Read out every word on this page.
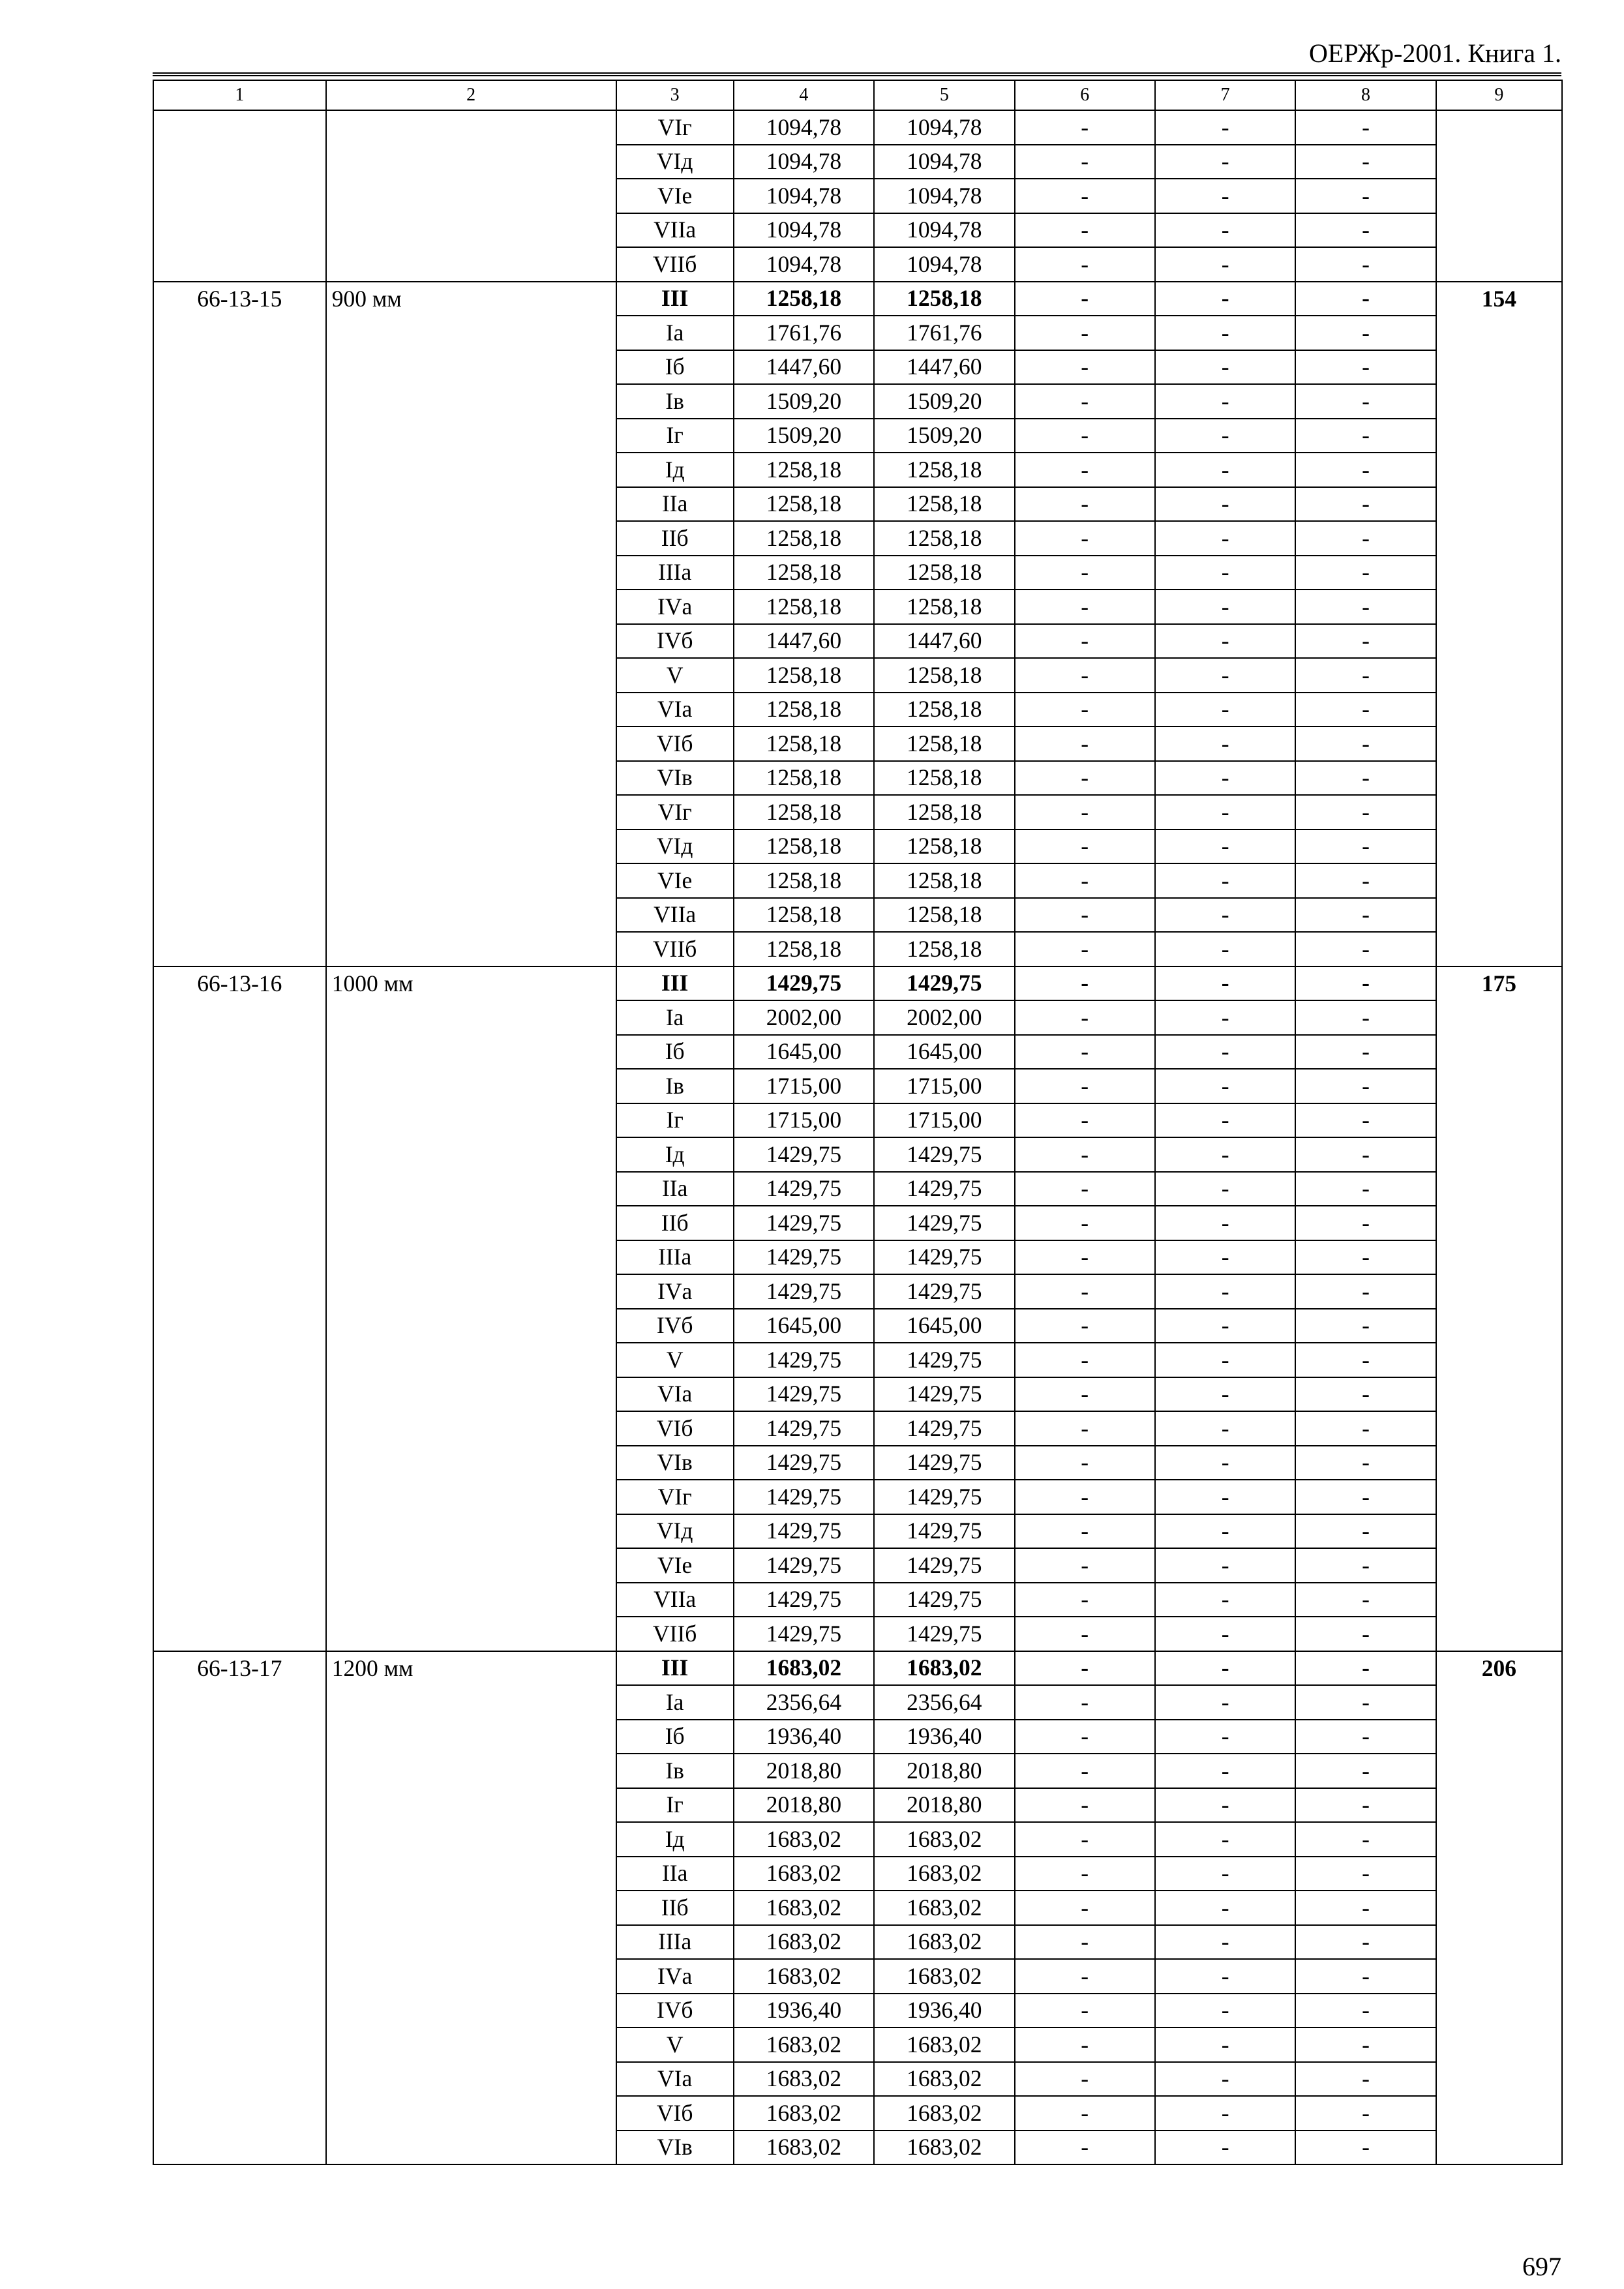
ОЕРЖр-2001. Книга 1.
1	2	3	4	5	6	7	8	9
		VIг	1094,78	1094,78	-	-	-	
		VIд	1094,78	1094,78	-	-	-	
		VIе	1094,78	1094,78	-	-	-	
		VIIа	1094,78	1094,78	-	-	-	
		VIIб	1094,78	1094,78	-	-	-	
66-13-15	900 мм	III	1258,18	1258,18	-	-	-	154
		Iа	1761,76	1761,76	-	-	-	
		Iб	1447,60	1447,60	-	-	-	
		Iв	1509,20	1509,20	-	-	-	
		Iг	1509,20	1509,20	-	-	-	
		Iд	1258,18	1258,18	-	-	-	
		IIа	1258,18	1258,18	-	-	-	
		IIб	1258,18	1258,18	-	-	-	
		IIIа	1258,18	1258,18	-	-	-	
		IVа	1258,18	1258,18	-	-	-	
		IVб	1447,60	1447,60	-	-	-	
		V	1258,18	1258,18	-	-	-	
		VIа	1258,18	1258,18	-	-	-	
		VIб	1258,18	1258,18	-	-	-	
		VIв	1258,18	1258,18	-	-	-	
		VIг	1258,18	1258,18	-	-	-	
		VIд	1258,18	1258,18	-	-	-	
		VIе	1258,18	1258,18	-	-	-	
		VIIа	1258,18	1258,18	-	-	-	
		VIIб	1258,18	1258,18	-	-	-	
66-13-16	1000 мм	III	1429,75	1429,75	-	-	-	175
		Iа	2002,00	2002,00	-	-	-	
		Iб	1645,00	1645,00	-	-	-	
		Iв	1715,00	1715,00	-	-	-	
		Iг	1715,00	1715,00	-	-	-	
		Iд	1429,75	1429,75	-	-	-	
		IIа	1429,75	1429,75	-	-	-	
		IIб	1429,75	1429,75	-	-	-	
		IIIа	1429,75	1429,75	-	-	-	
		IVа	1429,75	1429,75	-	-	-	
		IVб	1645,00	1645,00	-	-	-	
		V	1429,75	1429,75	-	-	-	
		VIа	1429,75	1429,75	-	-	-	
		VIб	1429,75	1429,75	-	-	-	
		VIв	1429,75	1429,75	-	-	-	
		VIг	1429,75	1429,75	-	-	-	
		VIд	1429,75	1429,75	-	-	-	
		VIе	1429,75	1429,75	-	-	-	
		VIIа	1429,75	1429,75	-	-	-	
		VIIб	1429,75	1429,75	-	-	-	
66-13-17	1200 мм	III	1683,02	1683,02	-	-	-	206
		Iа	2356,64	2356,64	-	-	-	
		Iб	1936,40	1936,40	-	-	-	
		Iв	2018,80	2018,80	-	-	-	
		Iг	2018,80	2018,80	-	-	-	
		Iд	1683,02	1683,02	-	-	-	
		IIа	1683,02	1683,02	-	-	-	
		IIб	1683,02	1683,02	-	-	-	
		IIIа	1683,02	1683,02	-	-	-	
		IVа	1683,02	1683,02	-	-	-	
		IVб	1936,40	1936,40	-	-	-	
		V	1683,02	1683,02	-	-	-	
		VIа	1683,02	1683,02	-	-	-	
		VIб	1683,02	1683,02	-	-	-	
		VIв	1683,02	1683,02	-	-	-	
697
